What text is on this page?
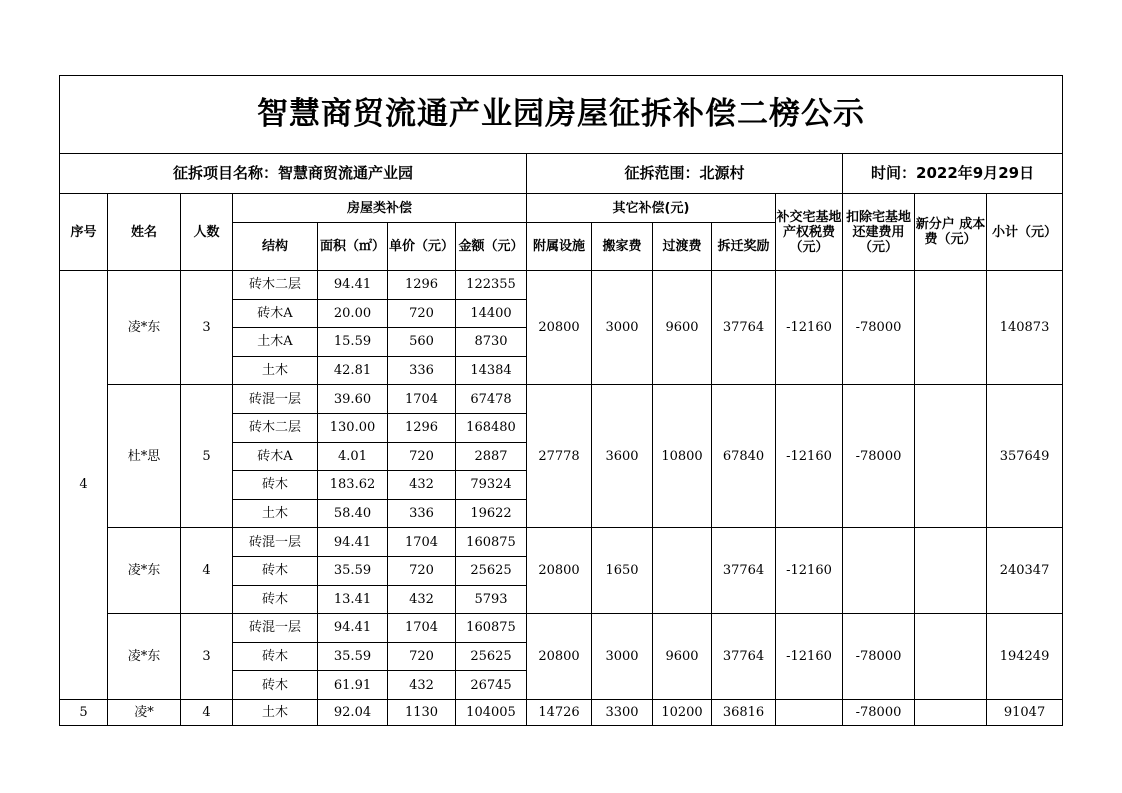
智慧商贸流通产业园房屋征拆补偿二榜公示														
征拆项目名称：智慧商贸流通产业园							征拆范围：北源村					时间：2022年9月29日		
序号	姓名	人数	房屋类补偿				其它补偿(元)				补交宅基地产权税费（元）	扣除宅基地还建费用（元）	新分户 成本费（元）	小计（元）
			结构	面积（㎡）	单价（元）	金额（元）	附属设施	搬家费	过渡费	拆迁奖励				
4	凌*东	3	砖木二层	94.41	1296	122355	20800	3000	9600	37764	-12160	-78000		140873
			砖木A	20.00	720	14400								
			土木A	15.59	560	8730								
			土木	42.81	336	14384								
	杜*思	5	砖混一层	39.60	1704	67478	27778	3600	10800	67840	-12160	-78000		357649
			砖木二层	130.00	1296	168480								
			砖木A	4.01	720	2887								
			砖木	183.62	432	79324								
			土木	58.40	336	19622								
	凌*东	4	砖混一层	94.41	1704	160875	20800	1650		37764	-12160			240347
			砖木	35.59	720	25625								
			砖木	13.41	432	5793								
	凌*东	3	砖混一层	94.41	1704	160875	20800	3000	9600	37764	-12160	-78000		194249
			砖木	35.59	720	25625								
			砖木	61.91	432	26745								
5	凌*	4	土木	92.04	1130	104005	14726	3300	10200	36816		-78000		91047
